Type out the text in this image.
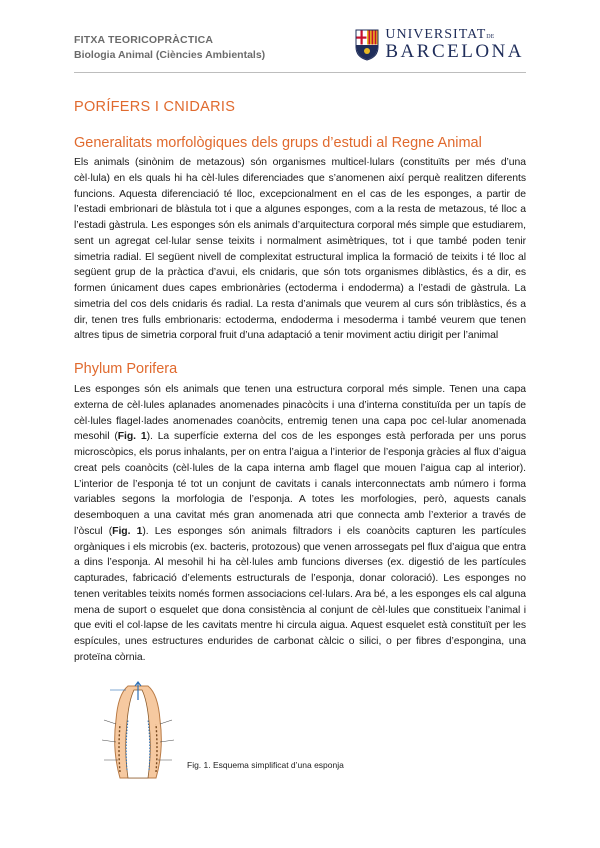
FITXA TEORICOPRÀCTICA
Biologia Animal (Ciències Ambientals)
UNIVERSITATDE
BARCELONA
PORÍFERS I CNIDARIS
Generalitats morfològiques dels grups d’estudi al Regne Animal
Els animals (sinònim de metazous) són organismes multicel·lulars (constituïts per més d’una cèl·lula) en els quals hi ha cèl·lules diferenciades que s’anomenen així perquè realitzen diferents funcions. Aquesta diferenciació té lloc, excepcionalment en el cas de les esponges, a partir de l’estadi embrionari de blàstula tot i que a algunes esponges, com a la resta de metazous, té lloc a l’estadi gàstrula. Les esponges són els animals d’arquitectura corporal més simple que estudiarem, sent un agregat cel·lular sense teixits i normalment asimètriques, tot i que també poden tenir simetria radial. El següent nivell de complexitat estructural implica la formació de teixits i té lloc al següent grup de la pràctica d’avui, els cnidaris, que són tots organismes diblàstics, és a dir, es formen únicament dues capes embrionàries (ectoderma i endoderma) a l’estadi de gàstrula. La simetria del cos dels cnidaris és radial. La resta d’animals que veurem al curs són triblàstics, és a dir, tenen tres fulls embrionaris: ectoderma, endoderma i mesoderma i també veurem que tenen altres tipus de simetria corporal fruit d’una adaptació a tenir moviment actiu dirigit per l’animal
Phylum Porifera
Les esponges són els animals que tenen una estructura corporal més simple. Tenen una capa externa de cèl·lules aplanades anomenades pinacòcits i una d’interna constituïda per un tapís de cèl·lules flagel·lades anomenades coanòcits, entremig tenen una capa poc cel·lular anomenada mesohil (Fig. 1). La superfície externa del cos de les esponges està perforada per uns porus microscòpics, els porus inhalants, per on entra l’aigua a l’interior de l’esponja gràcies al flux d’aigua creat pels coanòcits (cèl·lules de la capa interna amb flagel que mouen l’aigua cap al interior). L’interior de l’esponja té tot un conjunt de cavitats i canals interconnectats amb número i forma variables segons la morfologia de l’esponja. A totes les morfologies, però, aquests canals desemboquen a una cavitat més gran anomenada atri que connecta amb l’exterior a través de l’òscul (Fig. 1). Les esponges són animals filtradors i els coanòcits capturen les partícules orgàniques i els microbis (ex. bacteris, protozous) que venen arrossegats pel flux d’aigua que entra a dins l’esponja. Al mesohil hi ha cèl·lules amb funcions diverses (ex. digestió de les partícules capturades, fabricació d’elements estructurals de l’esponja, donar coloració). Les esponges no tenen veritables teixits només formen associacions cel·lulars. Ara bé, a les esponges els cal alguna mena de suport o esquelet que dona consistència al conjunt de cèl·lules que constitueix l’animal i que eviti el col·lapse de les cavitats mentre hi circula aigua. Aquest esquelet està constituït per les espícules, unes estructures endurides de carbonat càlcic o silici, o per fibres d’espongina, una proteïna còrnia.
Fig. 1. Esquema simplificat d’una esponja
